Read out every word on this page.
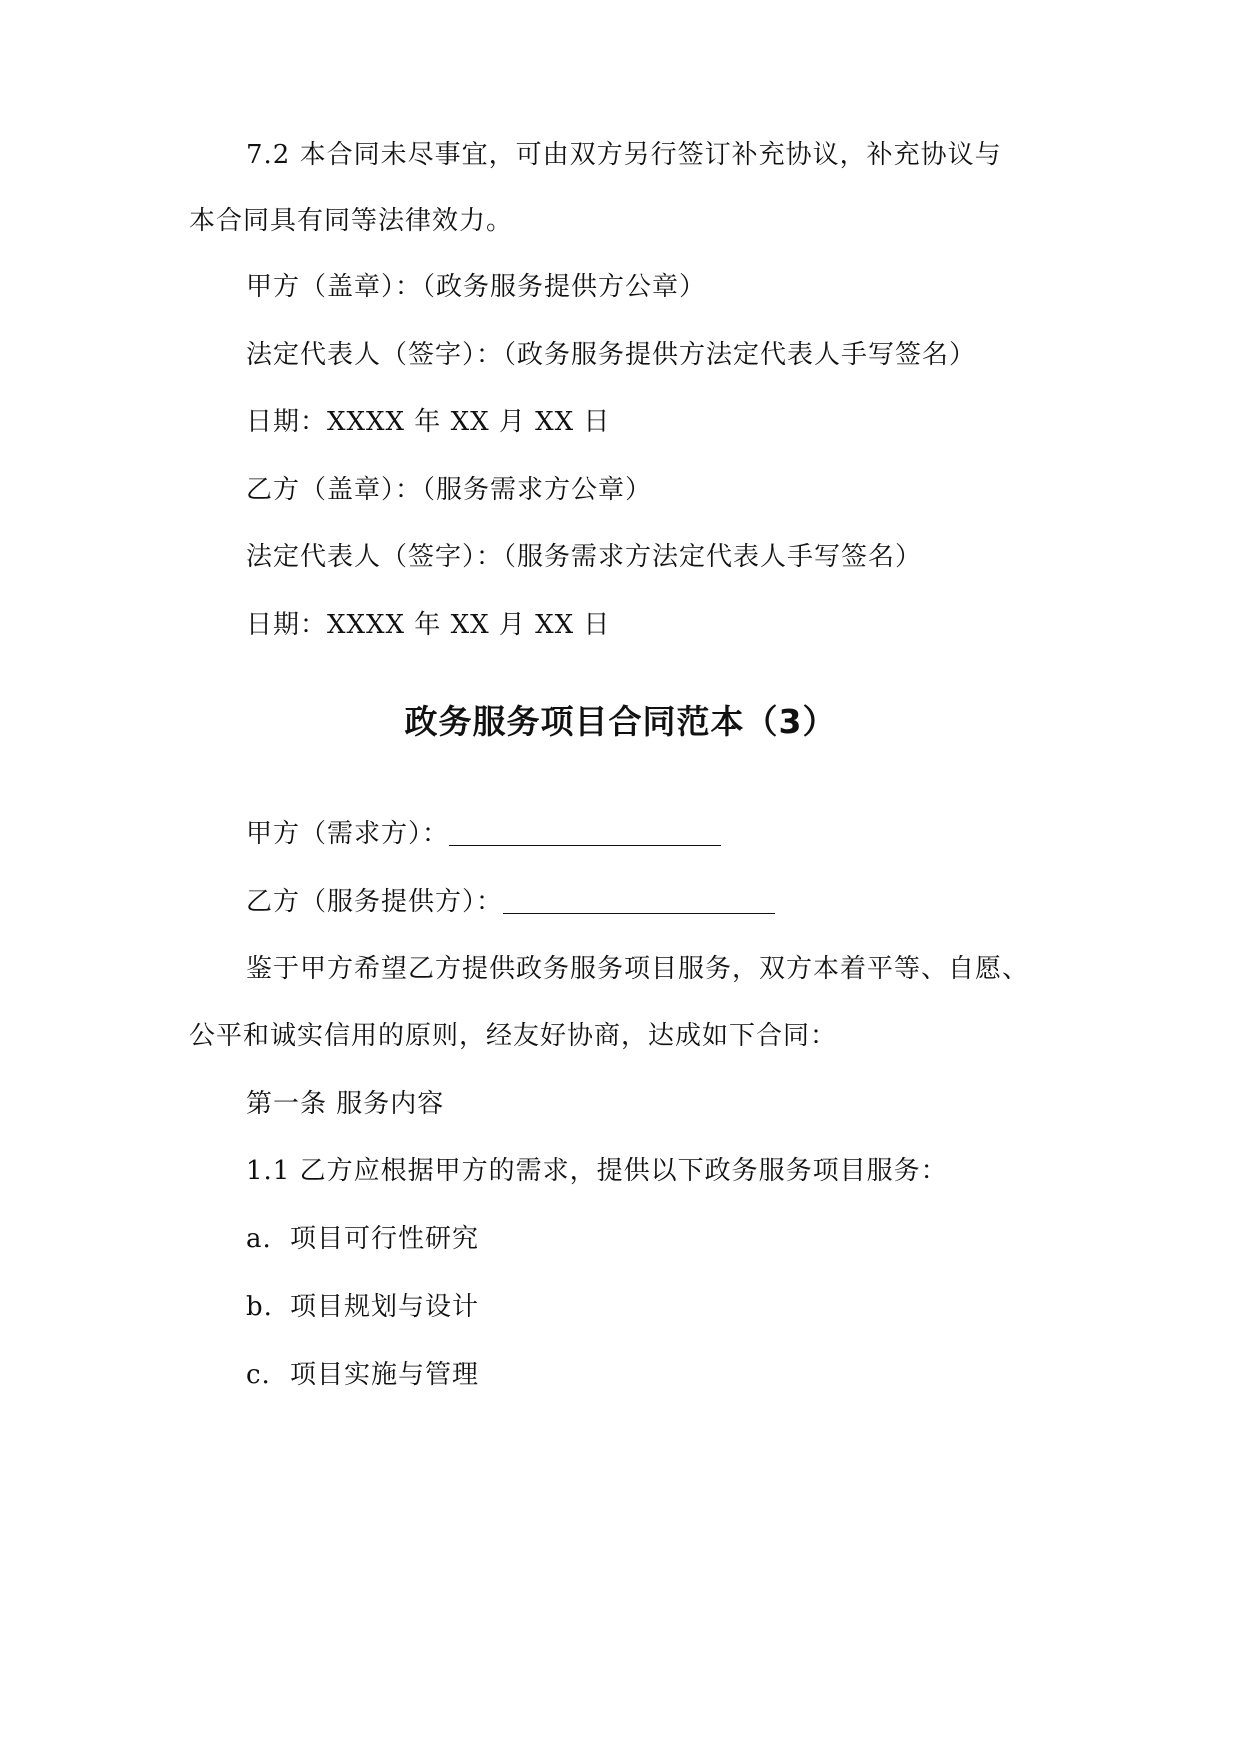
7.2 本合同未尽事宜，可由双方另行签订补充协议，补充协议与
本合同具有同等法律效力。
甲方（盖章）：（政务服务提供方公章）
法定代表人（签字）：（政务服务提供方法定代表人手写签名）
日期：XXXX 年 XX 月 XX 日
乙方（盖章）：（服务需求方公章）
法定代表人（签字）：（服务需求方法定代表人手写签名）
日期：XXXX 年 XX 月 XX 日
政务服务项目合同范本（3）
甲方（需求方）：
乙方（服务提供方）：
鉴于甲方希望乙方提供政务服务项目服务，双方本着平等、自愿、
公平和诚实信用的原则，经友好协商，达成如下合同：
第一条 服务内容
1.1 乙方应根据甲方的需求，提供以下政务服务项目服务：
a. 项目可行性研究
b. 项目规划与设计
c. 项目实施与管理
